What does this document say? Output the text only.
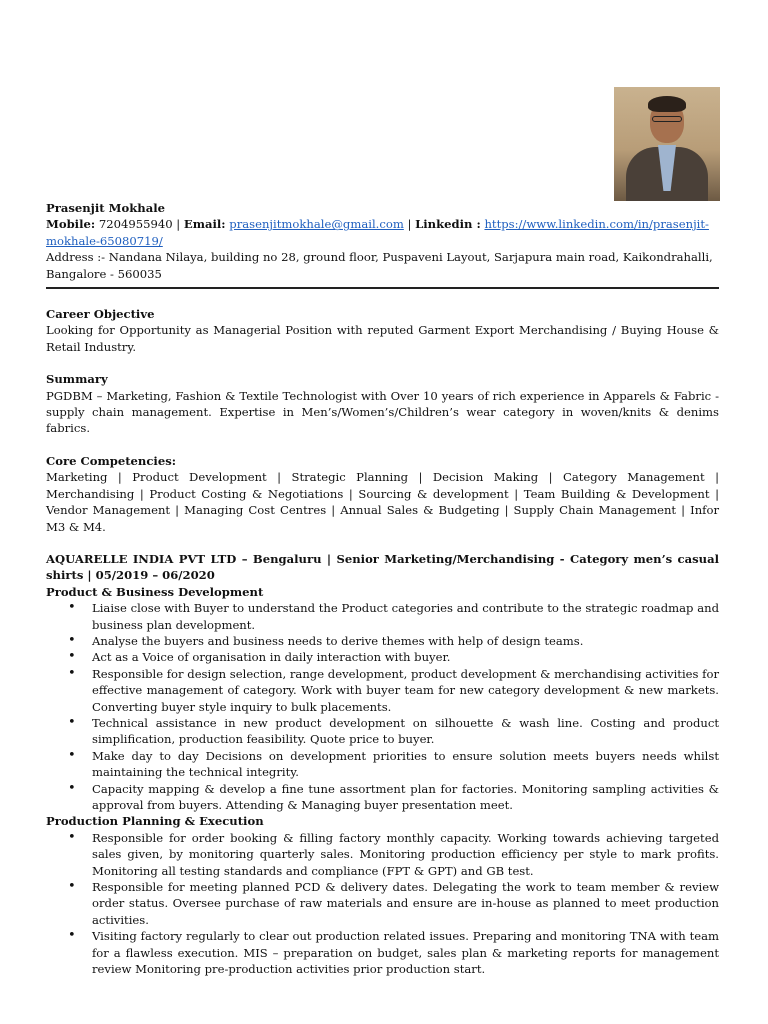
Prasenjit Mokhale
Mobile: 7204955940 | Email: prasenjitmokhale@gmail.com | Linkedin : https://www.linkedin.com/in/prasenjit-
mokhale-65080719/
Address :- Nandana Nilaya, building no 28, ground floor, Puspaveni Layout, Sarjapura main road, Kaikondrahalli,
Bangalore - 560035
Career Objective
Looking for Opportunity as Managerial Position with reputed Garment Export Merchandising / Buying House & Retail Industry.
Summary
PGDBM – Marketing, Fashion & Textile Technologist with Over 10 years of rich experience in Apparels & Fabric - supply chain management. Expertise in Men’s/Women’s/Children’s wear category in woven/knits & denims fabrics.
Core Competencies:
Marketing | Product Development | Strategic Planning | Decision Making | Category Management | Merchandising | Product Costing & Negotiations | Sourcing & development | Team Building & Development | Vendor Management | Managing Cost Centres | Annual Sales & Budgeting | Supply Chain Management | Infor M3 & M4.
AQUARELLE INDIA PVT LTD – Bengaluru | Senior Marketing/Merchandising - Category men’s casual shirts | 05/2019 – 06/2020
Product & Business Development
• Liaise close with Buyer to understand the Product categories and contribute to the strategic roadmap and business plan development.
• Analyse the buyers and business needs to derive themes with help of design teams.
• Act as a Voice of organisation in daily interaction with buyer.
• Responsible for design selection, range development, product development & merchandising activities for effective management of category. Work with buyer team for new category development & new markets. Converting buyer style inquiry to bulk placements.
• Technical assistance in new product development on silhouette & wash line. Costing and product simplification, production feasibility. Quote price to buyer.
• Make day to day Decisions on development priorities to ensure solution meets buyers needs whilst maintaining the technical integrity.
• Capacity mapping & develop a fine tune assortment plan for factories. Monitoring sampling activities & approval from buyers. Attending & Managing buyer presentation meet.
Production Planning & Execution
• Responsible for order booking & filling factory monthly capacity. Working towards achieving targeted sales given, by monitoring quarterly sales. Monitoring production efficiency per style to mark profits. Monitoring all testing standards and compliance (FPT & GPT) and GB test.
• Responsible for meeting planned PCD & delivery dates. Delegating the work to team member & review order status. Oversee purchase of raw materials and ensure are in-house as planned to meet production activities.
• Visiting factory regularly to clear out production related issues. Preparing and monitoring TNA with team for a flawless execution. MIS – preparation on budget, sales plan & marketing reports for management review Monitoring pre-production activities prior production start.
